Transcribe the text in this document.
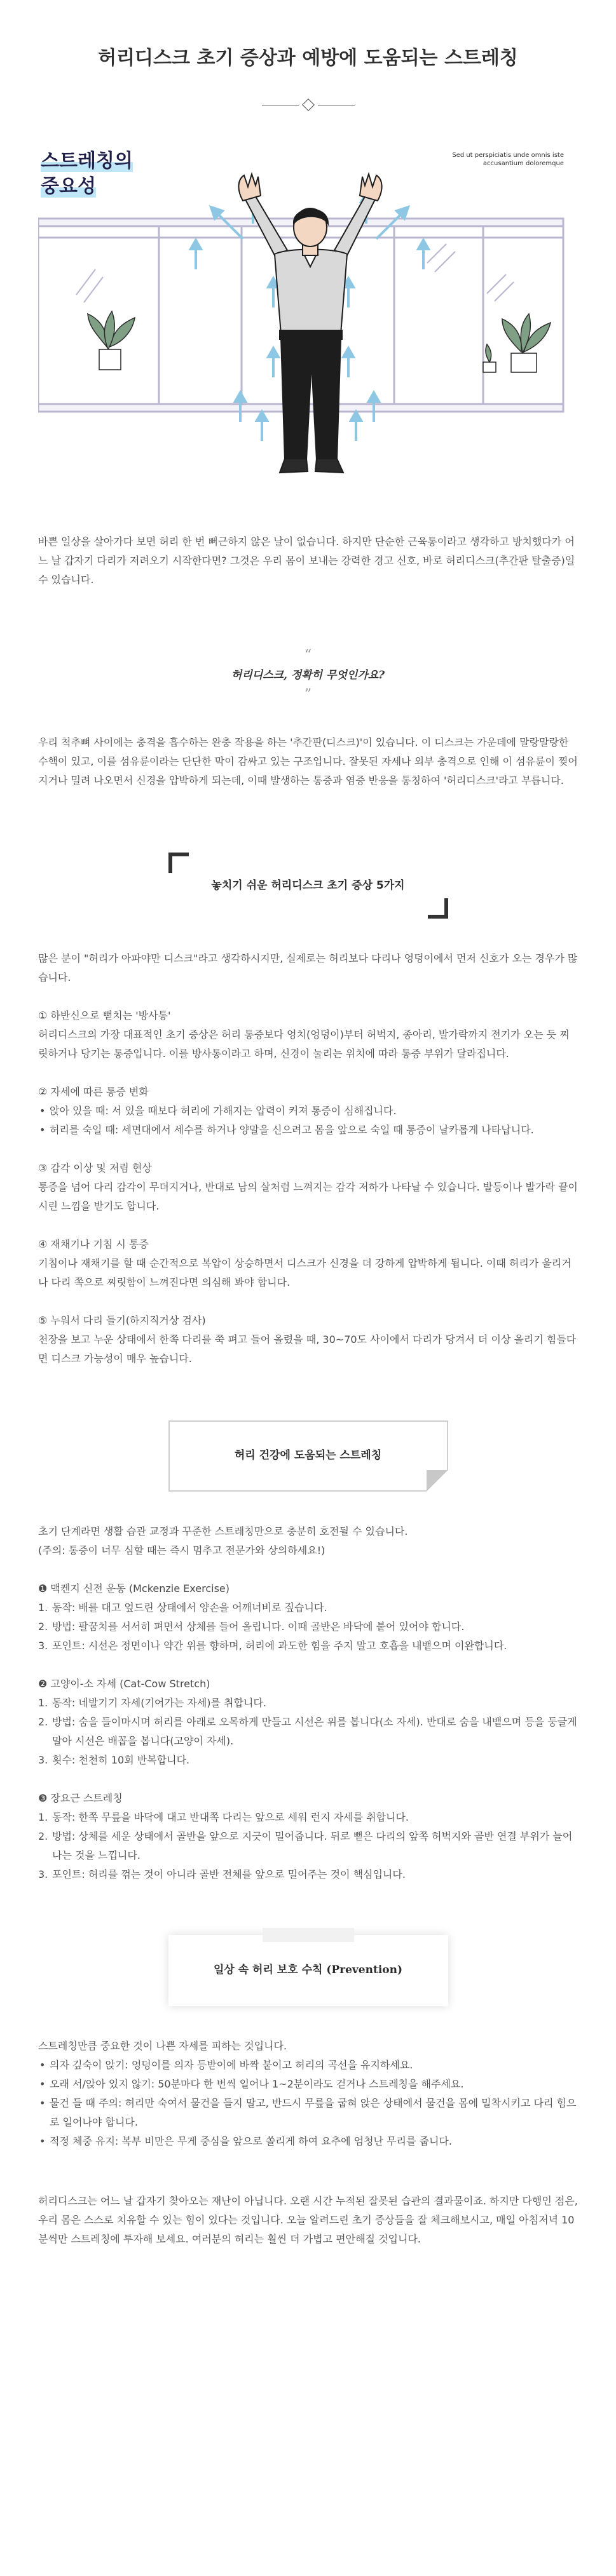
허리디스크 초기 증상과 예방에 도움되는 스트레칭
스트레칭의
중요성
Sed ut perspiciatis unde omnis iste accusantium doloremque

바쁜 일상을 살아가다 보면 허리 한 번 뻐근하지 않은 날이 없습니다. 하지만 단순한 근육통이라고 생각하고 방치했다가 어느 날 갑자기 다리가 저려오기 시작한다면? 그것은 우리 몸이 보내는 강력한 경고 신호, 바로 허리디스크(추간판 탈출증)일 수 있습니다.

“
허리디스크, 정확히 무엇인가요?
”

우리 척추뼈 사이에는 충격을 흡수하는 완충 작용을 하는 '추간판(디스크)'이 있습니다. 이 디스크는 가운데에 말랑말랑한 수핵이 있고, 이를 섬유륜이라는 단단한 막이 감싸고 있는 구조입니다. 잘못된 자세나 외부 충격으로 인해 이 섬유륜이 찢어지거나 밀려 나오면서 신경을 압박하게 되는데, 이때 발생하는 통증과 염증 반응을 통칭하여 '허리디스크'라고 부릅니다.

놓치기 쉬운 허리디스크 초기 증상 5가지

많은 분이 "허리가 아파야만 디스크"라고 생각하시지만, 실제로는 허리보다 다리나 엉덩이에서 먼저 신호가 오는 경우가 많습니다.

① 하반신으로 뻗치는 '방사통'

허리디스크의 가장 대표적인 초기 증상은 허리 통증보다 엉치(엉덩이)부터 허벅지, 종아리, 발가락까지 전기가 오는 듯 찌릿하거나 당기는 통증입니다. 이를 방사통이라고 하며, 신경이 눌리는 위치에 따라 통증 부위가 달라집니다.

② 자세에 따른 통증 변화
• 앉아 있을 때: 서 있을 때보다 허리에 가해지는 압력이 커져 통증이 심해집니다.
• 허리를 숙일 때: 세면대에서 세수를 하거나 양말을 신으려고 몸을 앞으로 숙일 때 통증이 날카롭게 나타납니다.
③ 감각 이상 및 저림 현상

통증을 넘어 다리 감각이 무뎌지거나, 반대로 남의 살처럼 느껴지는 감각 저하가 나타날 수 있습니다. 발등이나 발가락 끝이 시린 느낌을 받기도 합니다.

④ 재채기나 기침 시 통증

기침이나 재채기를 할 때 순간적으로 복압이 상승하면서 디스크가 신경을 더 강하게 압박하게 됩니다. 이때 허리가 울리거나 다리 쪽으로 찌릿함이 느껴진다면 의심해 봐야 합니다.

⑤ 누워서 다리 들기(하지직거상 검사)

천장을 보고 누운 상태에서 한쪽 다리를 쭉 펴고 들어 올렸을 때, 30~70도 사이에서 다리가 당겨서 더 이상 올리기 힘들다면 디스크 가능성이 매우 높습니다.

허리 건강에 도움되는 스트레칭

초기 단계라면 생활 습관 교정과 꾸준한 스트레칭만으로 충분히 호전될 수 있습니다.

(주의: 통증이 너무 심할 때는 즉시 멈추고 전문가와 상의하세요!)

❶ 맥켄지 신전 운동 (Mckenzie Exercise)
1. 동작: 배를 대고 엎드린 상태에서 양손을 어깨너비로 짚습니다.
2. 방법: 팔꿈치를 서서히 펴면서 상체를 들어 올립니다. 이때 골반은 바닥에 붙어 있어야 합니다.
3. 포인트: 시선은 정면이나 약간 위를 향하며, 허리에 과도한 힘을 주지 말고 호흡을 내뱉으며 이완합니다.
❷ 고양이-소 자세 (Cat-Cow Stretch)
1. 동작: 네발기기 자세(기어가는 자세)를 취합니다.
2. 방법: 숨을 들이마시며 허리를 아래로 오목하게 만들고 시선은 위를 봅니다(소 자세). 반대로 숨을 내뱉으며 등을 둥글게 말아 시선은 배꼽을 봅니다(고양이 자세).
3. 횟수: 천천히 10회 반복합니다.
❸ 장요근 스트레칭
1. 동작: 한쪽 무릎을 바닥에 대고 반대쪽 다리는 앞으로 세워 런지 자세를 취합니다.
2. 방법: 상체를 세운 상태에서 골반을 앞으로 지긋이 밀어줍니다. 뒤로 뻗은 다리의 앞쪽 허벅지와 골반 연결 부위가 늘어나는 것을 느낍니다.
3. 포인트: 허리를 꺾는 것이 아니라 골반 전체를 앞으로 밀어주는 것이 핵심입니다.
일상 속 허리 보호 수칙 (Prevention)

스트레칭만큼 중요한 것이 나쁜 자세를 피하는 것입니다.

• 의자 깊숙이 앉기: 엉덩이를 의자 등받이에 바짝 붙이고 허리의 곡선을 유지하세요.
• 오래 서/앉아 있지 않기: 50분마다 한 번씩 일어나 1~2분이라도 걷거나 스트레칭을 해주세요.
• 물건 들 때 주의: 허리만 숙여서 물건을 들지 말고, 반드시 무릎을 굽혀 앉은 상태에서 물건을 몸에 밀착시키고 다리 힘으로 일어나야 합니다.
• 적정 체중 유지: 복부 비만은 무게 중심을 앞으로 쏠리게 하여 요추에 엄청난 무리를 줍니다.

허리디스크는 어느 날 갑자기 찾아오는 재난이 아닙니다. 오랜 시간 누적된 잘못된 습관의 결과물이죠. 하지만 다행인 점은, 우리 몸은 스스로 치유할 수 있는 힘이 있다는 것입니다. 오늘 알려드린 초기 증상들을 잘 체크해보시고, 매일 아침저녁 10분씩만 스트레칭에 투자해 보세요. 여러분의 허리는 훨씬 더 가볍고 편안해질 것입니다.
